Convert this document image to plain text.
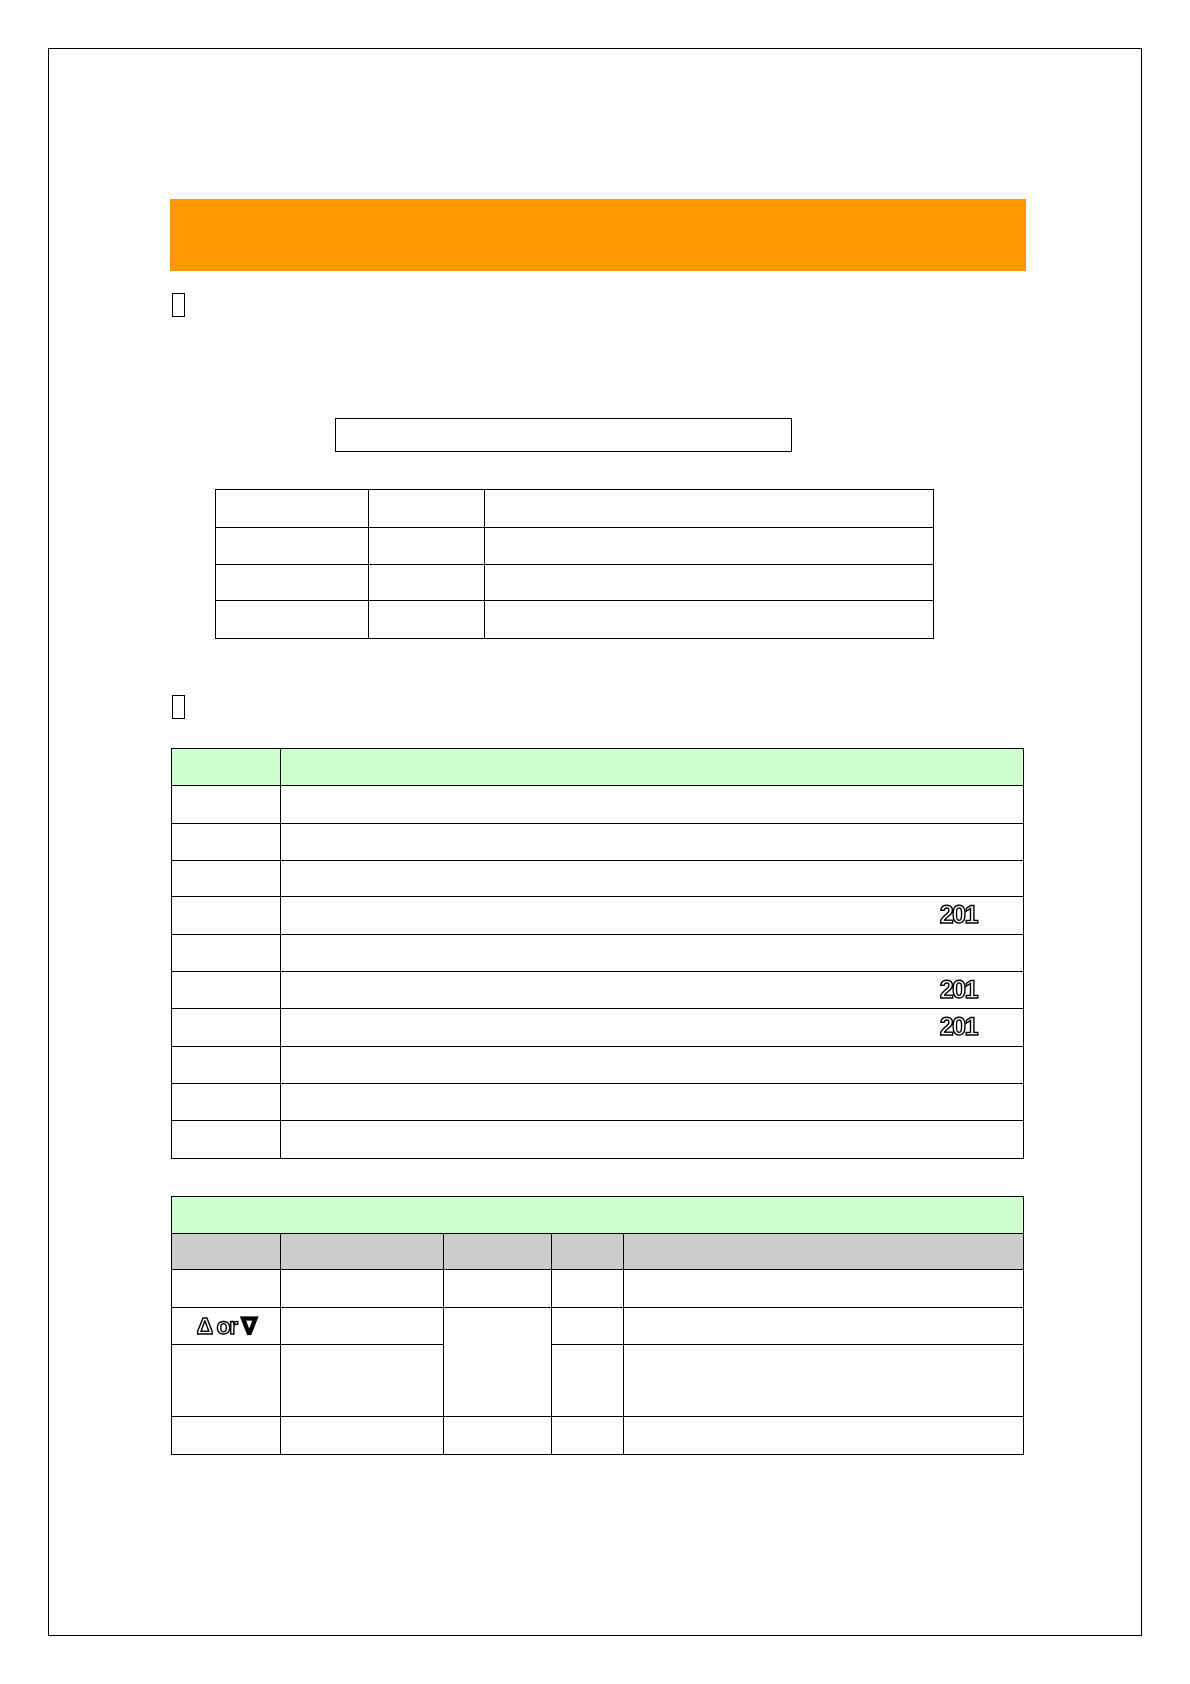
	201

	201
	201

Δ or ∇				
